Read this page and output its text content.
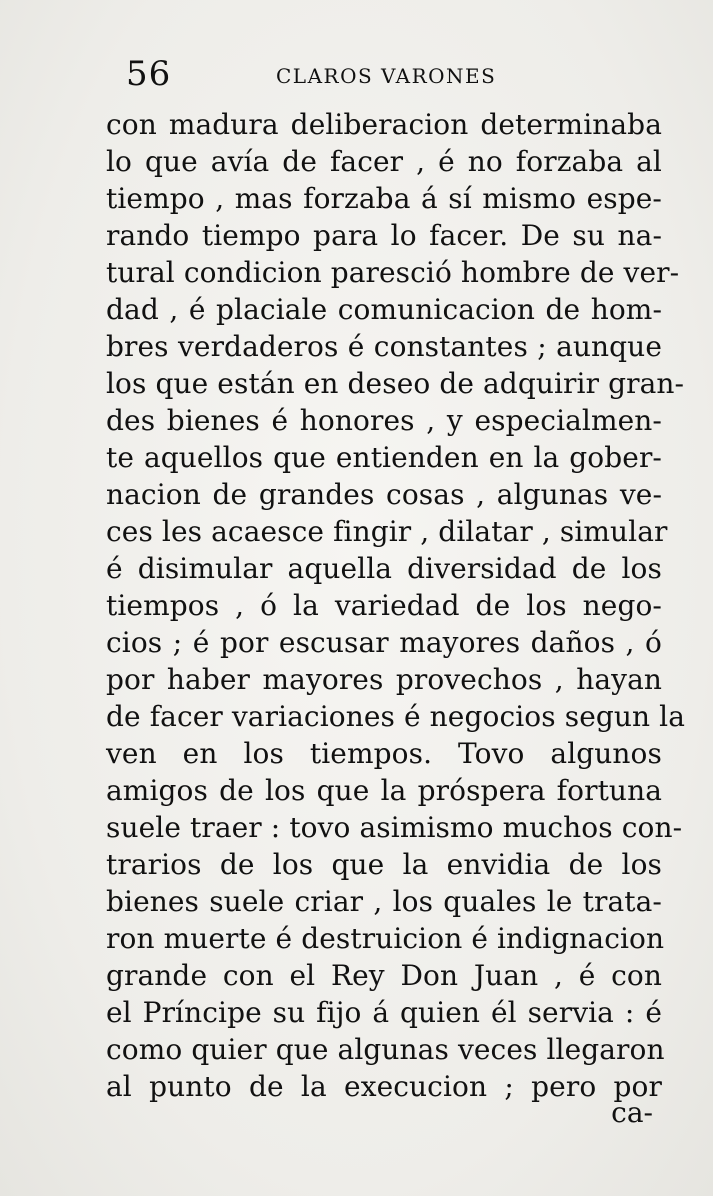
56	CLAROS VARONES
con madura deliberacion determinaba
lo que avía de facer , é no forzaba al
tiempo , mas forzaba á sí mismo espe-
rando tiempo para lo facer. De su na-
tural condicion paresció hombre de ver-
dad , é placiale comunicacion de hom-
bres verdaderos é constantes ; aunque
los que están en deseo de adquirir gran-
des bienes é honores , y especialmen-
te aquellos que entienden en la gober-
nacion de grandes cosas , algunas ve-
ces les acaesce fingir , dilatar , simular
é disimular aquella diversidad de los
tiempos , ó la variedad de los nego-
cios ; é por escusar mayores daños , ó
por haber mayores provechos , hayan
de facer variaciones é negocios segun la
ven en los tiempos. Tovo algunos
amigos de los que la próspera fortuna
suele traer : tovo asimismo muchos con-
trarios de los que la envidia de los
bienes suele criar , los quales le trata-
ron muerte é destruicion é indignacion
grande con el Rey Don Juan , é con
el Príncipe su fijo á quien él servia : é
como quier que algunas veces llegaron
al punto de la execucion ; pero por
ca-
